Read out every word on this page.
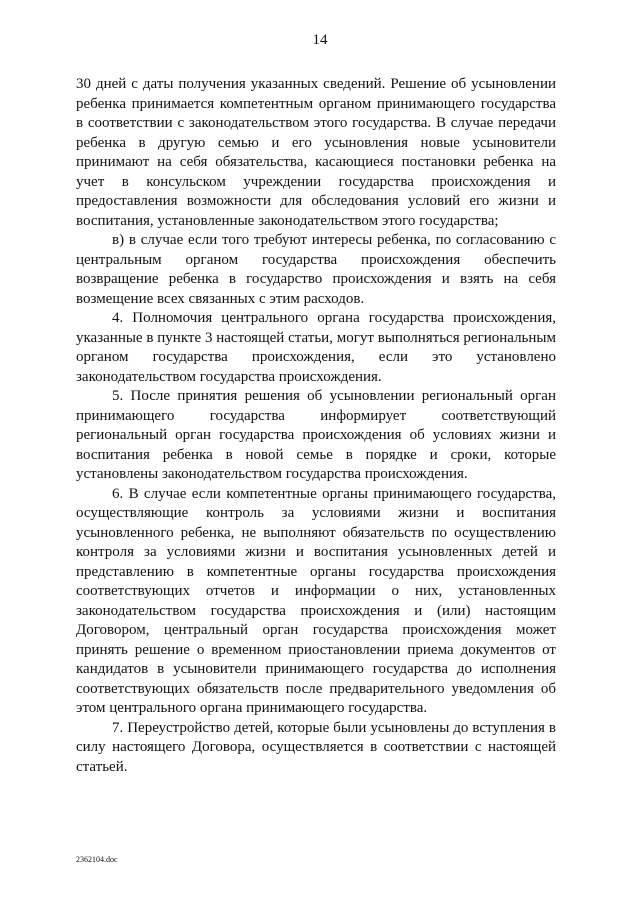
14

30 дней с даты получения указанных сведений. Решение об усыновлении ребенка принимается компетентным органом принимающего государства в соответствии с законодательством этого государства. В случае передачи ребенка в другую семью и его усыновления новые усыновители принимают на себя обязательства, касающиеся постановки ребенка на учет в консульском учреждении государства происхождения и предоставления возможности для обследования условий его жизни и воспитания, установленные законодательством этого государства;

в) в случае если того требуют интересы ребенка, по согласованию с центральным органом государства происхождения обеспечить возвращение ребенка в государство происхождения и взять на себя возмещение всех связанных с этим расходов.

4. Полномочия центрального органа государства происхождения, указанные в пункте 3 настоящей статьи, могут выполняться региональным органом государства происхождения, если это установлено законодательством государства происхождения.

5. После принятия решения об усыновлении региональный орган принимающего государства информирует соответствующий региональный орган государства происхождения об условиях жизни и воспитания ребенка в новой семье в порядке и сроки, которые установлены законодательством государства происхождения.

6. В случае если компетентные органы принимающего государства, осуществляющие контроль за условиями жизни и воспитания усыновленного ребенка, не выполняют обязательств по осуществлению контроля за условиями жизни и воспитания усыновленных детей и представлению в компетентные органы государства происхождения соответствующих отчетов и информации о них, установленных законодательством государства происхождения и (или) настоящим Договором, центральный орган государства происхождения может принять решение о временном приостановлении приема документов от кандидатов в усыновители принимающего государства до исполнения соответствующих обязательств после предварительного уведомления об этом центрального органа принимающего государства.

7. Переустройство детей, которые были усыновлены до вступления в силу настоящего Договора, осуществляется в соответствии с настоящей статьей.

2362104.doc
